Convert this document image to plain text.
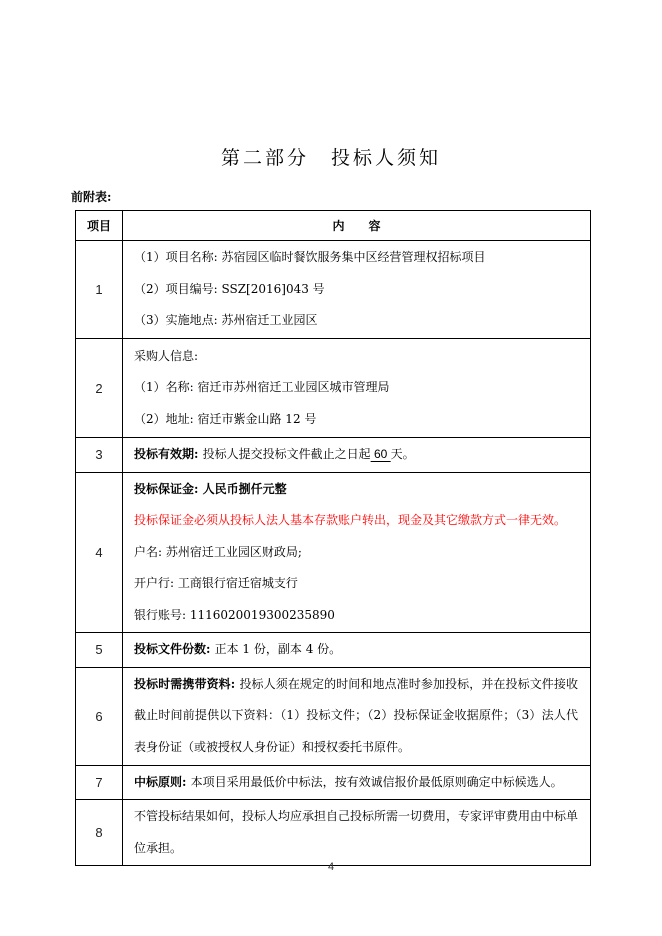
第二部分　投标人须知
前附表:
项目	内　　容
1	（1）项目名称: 苏宿园区临时餐饮服务集中区经营管理权招标项目
（2）项目编号: SSZ[2016]043 号
（3）实施地点: 苏州宿迁工业园区

2	采购人信息:
（1）名称: 宿迁市苏州宿迁工业园区城市管理局
（2）地址: 宿迁市紫金山路 12 号

3	投标有效期: 投标人提交投标文件截止之日起 60 天。

4	投标保证金: 人民币捌仟元整
投标保证金必须从投标人法人基本存款账户转出，现金及其它缴款方式一律无效。
户名: 苏州宿迁工业园区财政局;
开户行: 工商银行宿迁宿城支行
银行账号: 1116020019300235890

5	投标文件份数: 正本 1 份，副本 4 份。

6	投标时需携带资料: 投标人须在规定的时间和地点准时参加投标，并在投标文件接收截止时间前提供以下资料：（1）投标文件；（2）投标保证金收据原件；（3）法人代表身份证（或被授权人身份证）和授权委托书原件。
7	中标原则: 本项目采用最低价中标法，按有效诚信报价最低原则确定中标候选人。

8	不管投标结果如何，投标人均应承担自己投标所需一切费用，专家评审费用由中标单位承担。
4
